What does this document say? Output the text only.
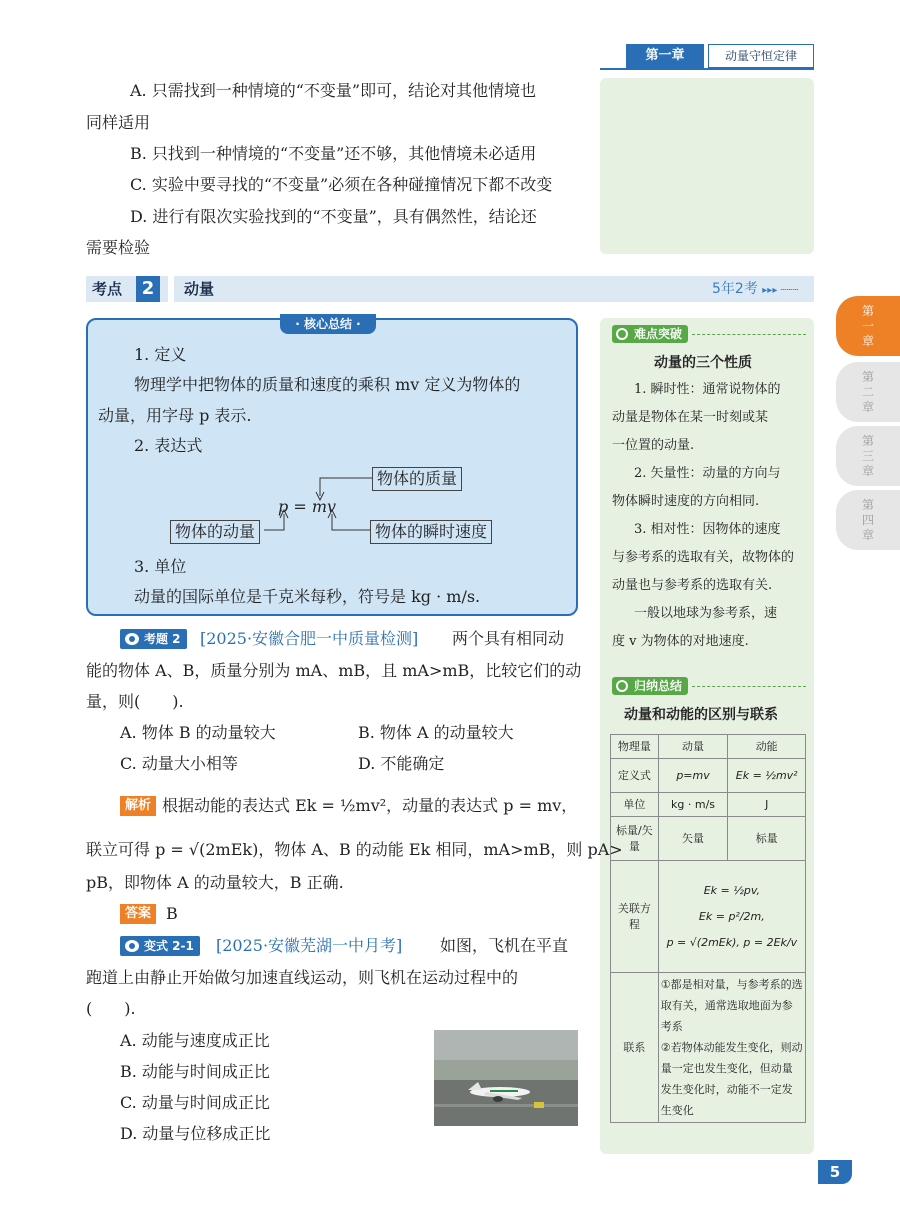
第一章	动量守恒定律
第一章
第二章
第三章
第四章
A. 只需找到一种情境的“不变量”即可，结论对其他情境也
同样适用
B. 只找到一种情境的“不变量”还不够，其他情境未必适用
C. 实验中要寻找的“不变量”必须在各种碰撞情况下都不改变
D. 进行有限次实验找到的“不变量”，具有偶然性，结论还
需要检验
考点	2	动量	5年2考 ▸▸▸ ┄┄┄
· 核心总结 ·
1. 定义
物理学中把物体的质量和速度的乘积 mv 定义为物体的
动量，用字母 p 表示.
2. 表达式
p = mv
物体的质量
物体的动量	物体的瞬时速度
3. 单位
动量的国际单位是千克米每秒，符号是 kg · m/s.
考题 2	[2025·安徽合肥一中质量检测] 两个具有相同动
能的物体 A、B，质量分别为 mA、mB，且 mA>mB，比较它们的动
量，则(　　).
A. 物体 B 的动量较大	B. 物体 A 的动量较大
C. 动量大小相等	D. 不能确定
解析 根据动能的表达式 Ek = ½mv²，动量的表达式 p = mv，
联立可得 p = √(2mEk)，物体 A、B 的动能 Ek 相同，mA>mB，则 pA>
pB，即物体 A 的动量较大，B 正确.
答案 B
变式 2-1	[2025·安徽芜湖一中月考] 如图，飞机在平直
跑道上由静止开始做匀加速直线运动，则飞机在运动过程中的
(　　).
A. 动能与速度成正比
B. 动能与时间成正比
C. 动量与时间成正比
D. 动量与位移成正比
难点突破
动量的三个性质
1. 瞬时性：通常说物体的
动量是物体在某一时刻或某
一位置的动量.
2. 矢量性：动量的方向与
物体瞬时速度的方向相同.
3. 相对性：因物体的速度
与参考系的选取有关，故物体的
动量也与参考系的选取有关.
一般以地球为参考系，速
度 v 为物体的对地速度.
归纳总结
动量和动能的区别与联系
物理量	动量	动能
定义式	p=mv	Ek = ½mv²
单位	kg · m/s	J
标量/矢量	矢量	标量
关联方程	Ek = ½pv,
Ek = p²/2m,
p = √(2mEk), p = 2Ek/v	

联系	①都是相对量，与参考系的选取有关，通常选取地面为参考系
②若物体动能发生变化，则动量一定也发生变化，但动量发生变化时，动能不一定发生变化	
5
